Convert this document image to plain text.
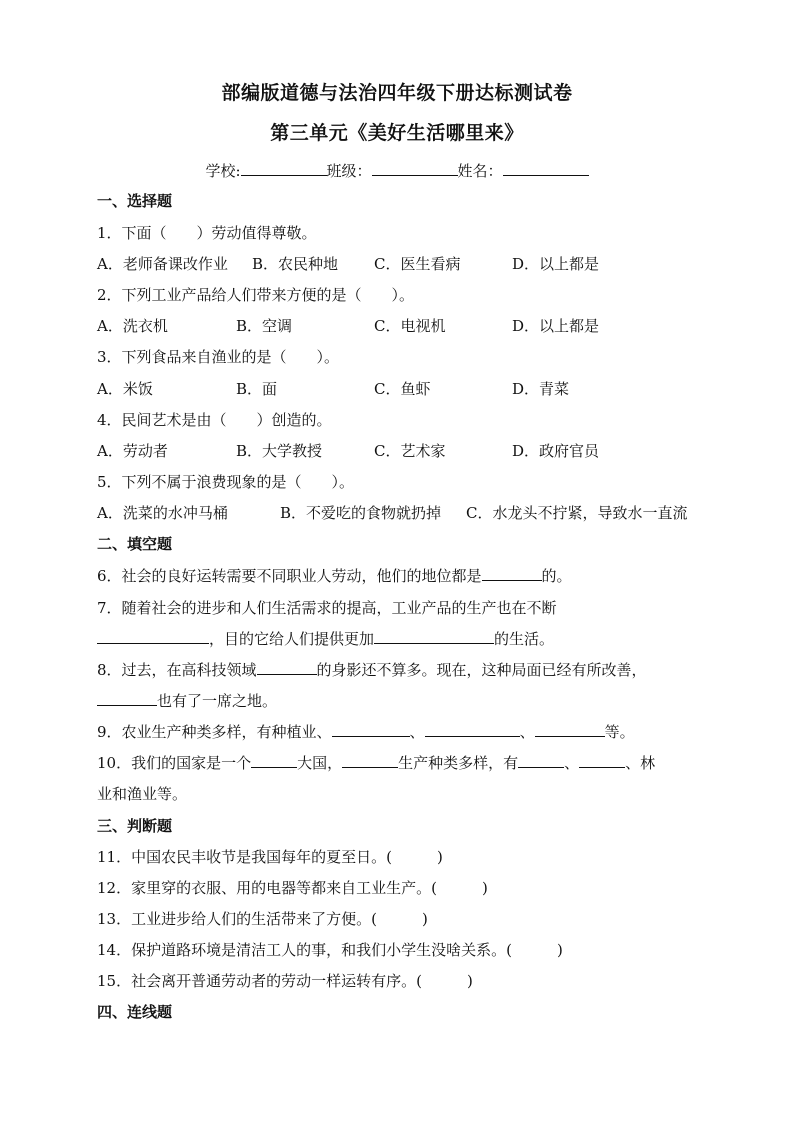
部编版道德与法治四年级下册达标测试卷
第三单元《美好生活哪里来》
学校:	班级：	姓名：
一、选择题
1．下面（　　）劳动值得尊敬。
A．老师备课改作业 B．农民种地 C．医生看病	D．以上都是
2．下列工业产品给人们带来方便的是（　　）。
A．洗衣机	B．空调	C．电视机	D．以上都是
3．下列食品来自渔业的是（　　）。
A．米饭	B．面	C．鱼虾	D．青菜
4．民间艺术是由（　　）创造的。
A．劳动者	B．大学教授	C．艺术家	D．政府官员
5．下列不属于浪费现象的是（　　）。
A．洗菜的水冲马桶	B．不爱吃的食物就扔掉 C．水龙头不拧紧，导致水一直流
二、填空题
6．社会的良好运转需要不同职业人劳动，他们的地位都是	的。
7．随着社会的进步和人们生活需求的提高，工业产品的生产也在不断
，目的它给人们提供更加	的生活。
8．过去，在高科技领域	的身影还不算多。现在，这种局面已经有所改善，
也有了一席之地。
9．农业生产种类多样，有种植业、	、	、	等。
10．我们的国家是一个	大国，	生产种类多样，有	、	、林
业和渔业等。
三、判断题
11．中国农民丰收节是我国每年的夏至日。(　　　)
12．家里穿的衣服、用的电器等都来自工业生产。(　　　)
13．工业进步给人们的生活带来了方便。(　　　)
14．保护道路环境是清洁工人的事，和我们小学生没啥关系。(　　　)
15．社会离开普通劳动者的劳动一样运转有序。(　　　)
四、连线题
